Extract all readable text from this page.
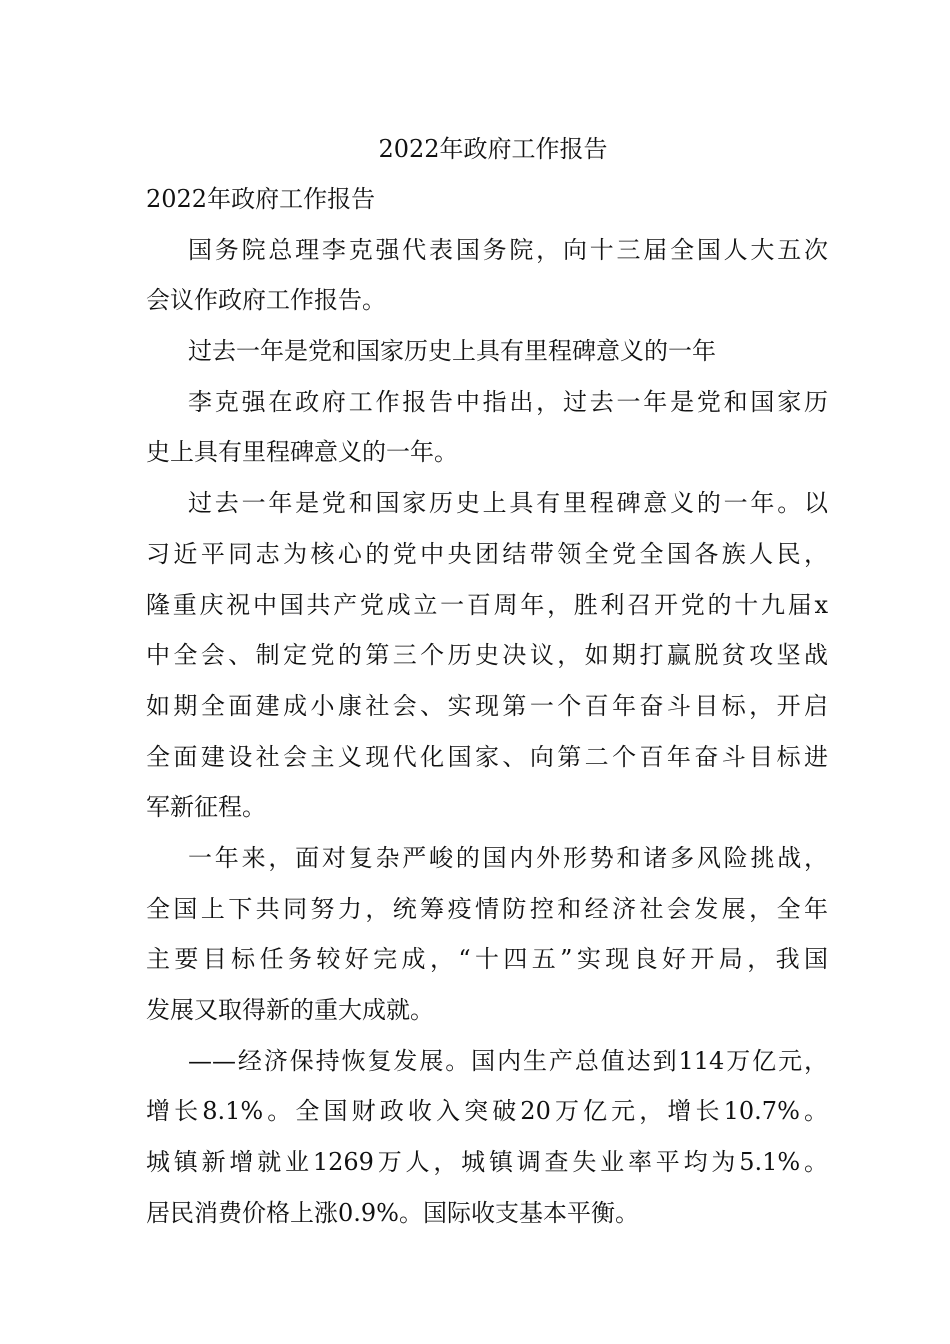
2022年政府工作报告
2022年政府工作报告
国务院总理李克强代表国务院，向十三届全国人大五次
会议作政府工作报告。
过去一年是党和国家历史上具有里程碑意义的一年
李克强在政府工作报告中指出，过去一年是党和国家历
史上具有里程碑意义的一年。
过去一年是党和国家历史上具有里程碑意义的一年。以
习近平同志为核心的党中央团结带领全党全国各族人民，
隆重庆祝中国共产党成立一百周年，胜利召开党的十九届x
中全会、制定党的第三个历史决议，如期打赢脱贫攻坚战
如期全面建成小康社会、实现第一个百年奋斗目标，开启
全面建设社会主义现代化国家、向第二个百年奋斗目标进
军新征程。
一年来，面对复杂严峻的国内外形势和诸多风险挑战，
全国上下共同努力，统筹疫情防控和经济社会发展，全年
主要目标任务较好完成，“十四五”实现良好开局，我国
发展又取得新的重大成就。
——经济保持恢复发展。国内生产总值达到114万亿元，
增长8.1%。全国财政收入突破20万亿元，增长10.7%。
城镇新增就业1269万人，城镇调查失业率平均为5.1%。
居民消费价格上涨0.9%。国际收支基本平衡。
